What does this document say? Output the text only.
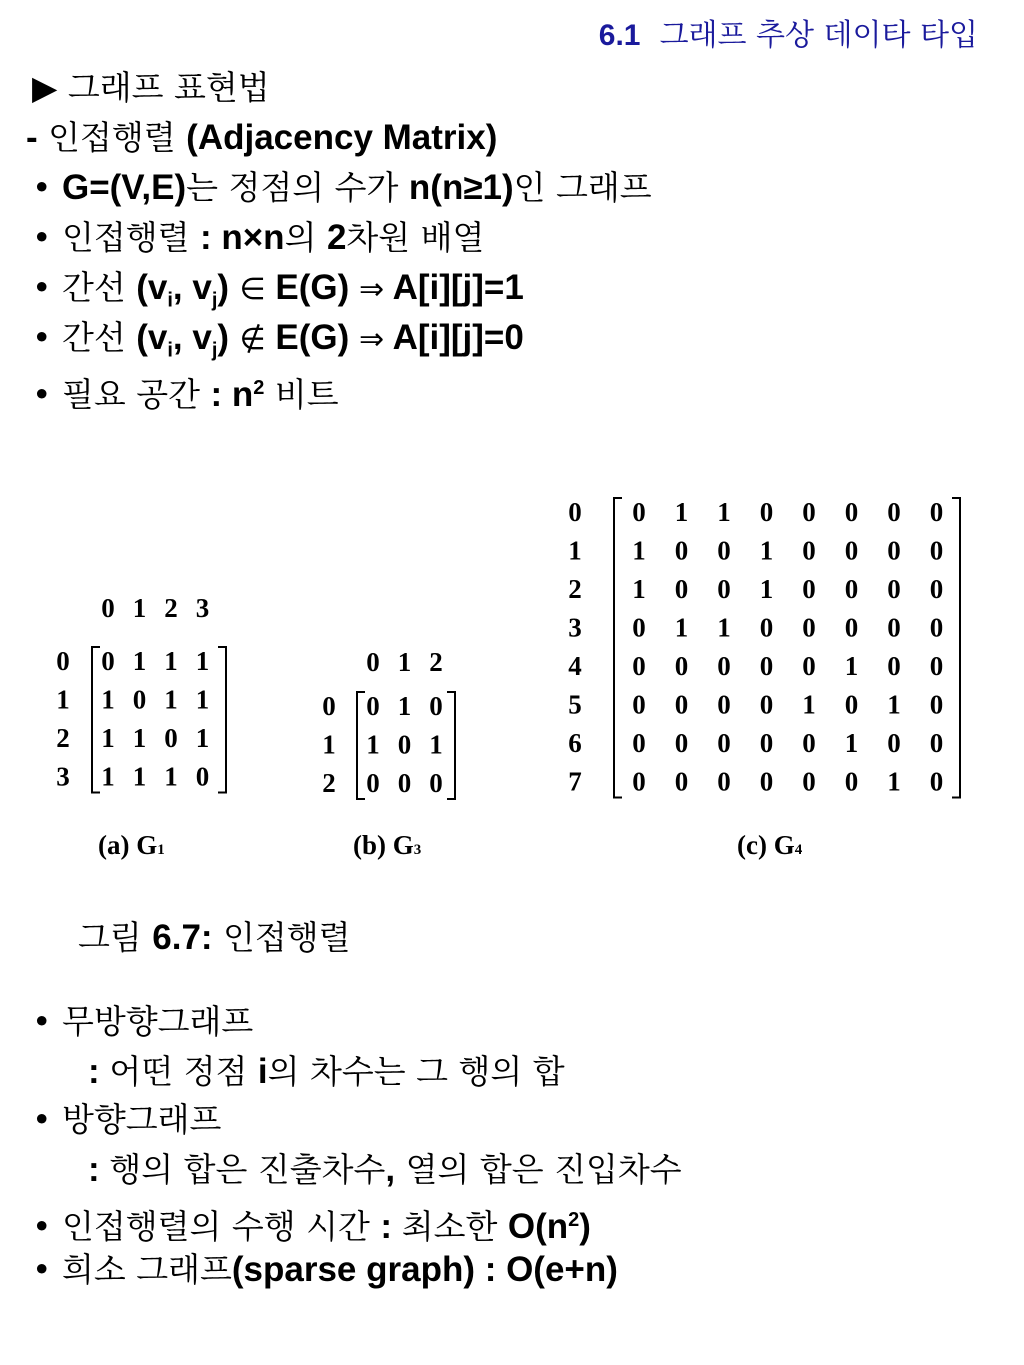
6.1 그래프 추상 데이타 타입
▶ 그래프 표현법
- 인접행렬 (Adjacency Matrix)
• G=(V,E)는 정점의 수가 n(n≥1)인 그래프
• 인접행렬 : n×n의 2차원 배열
• 간선 ($v_i$, $v_j$) ∈ E(G) ⇒ A[i][j]=1
• 간선 ($v_i$, $v_j$) ∉ E(G) ⇒ A[i][j]=0
• 필요 공간 : $n^2$ 비트
0 1 2 3
0 0 1 1 1
1 1 0 1 1
2 1 1 0 1
3 1 1 1 0
0 1 2
0 0 1 0
1 1 0 1
2 0 0 0
0 0 1 1 0 0 0 0 0
1 1 0 0 1 0 0 0 0
2 1 0 0 1 0 0 0 0
3 0 1 1 0 0 0 0 0
4 0 0 0 0 0 1 0 0
5 0 0 0 0 1 0 1 0
6 0 0 0 0 0 1 0 0
7 0 0 0 0 0 0 1 0
(a) G1	(b) G3	(c) G4
그림 6.7: 인접행렬
• 무방향그래프
: 어떤 정점 i의 차수는 그 행의 합
• 방향그래프
: 행의 합은 진출차수, 열의 합은 진입차수
• 인접행렬의 수행 시간 : 최소한 $O(n^2)$
• 희소 그래프(sparse graph) : O(e+n)
